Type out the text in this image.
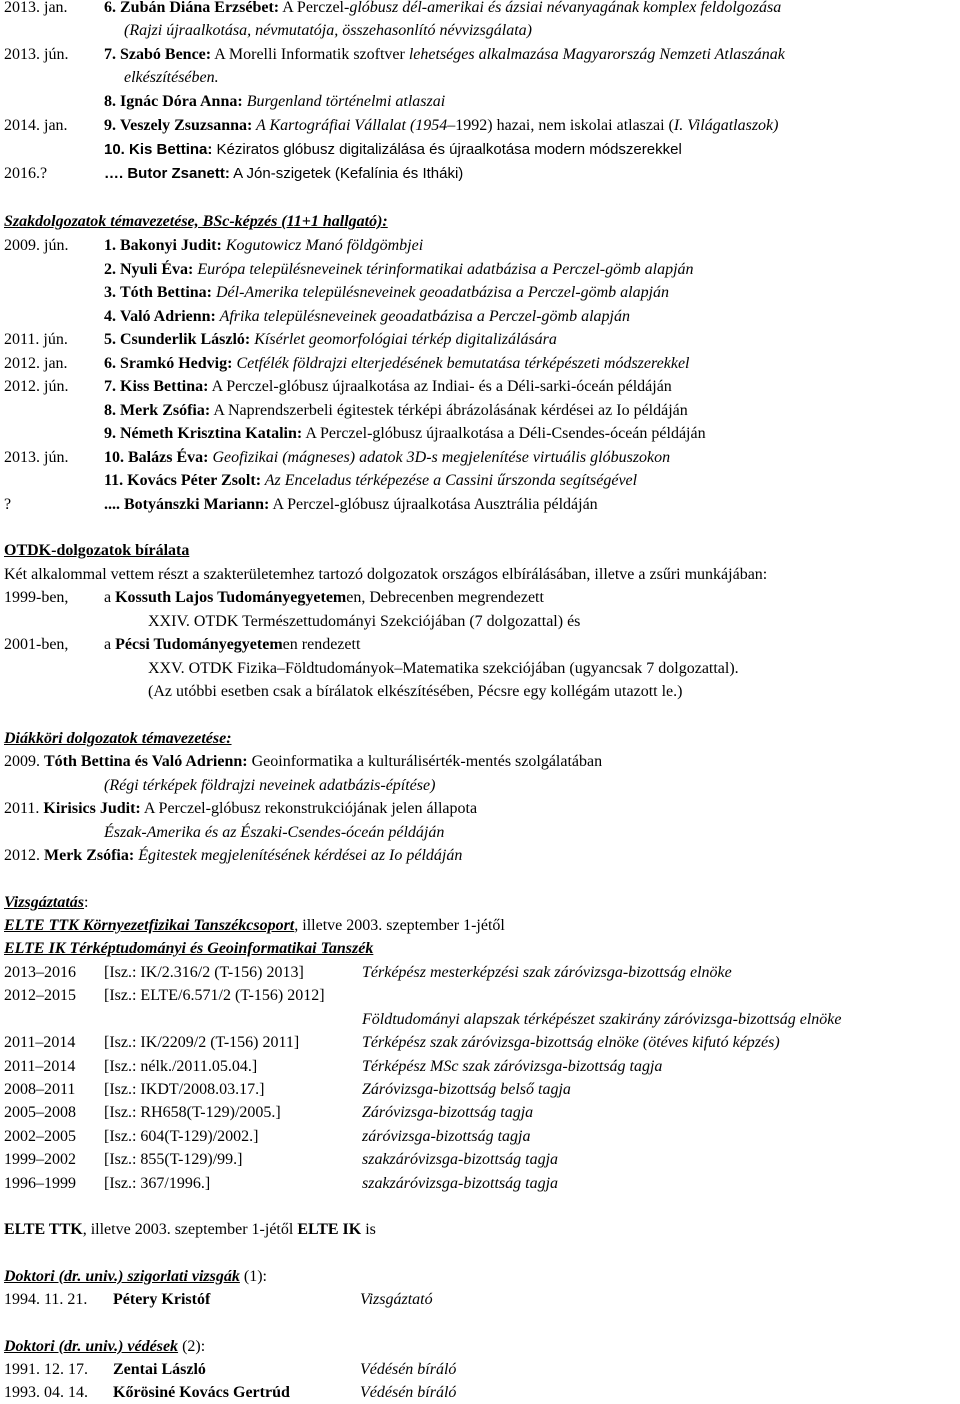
2013. jan. 6. Zubán Diána Erzsébet: A Perczel-glóbusz dél-amerikai és ázsiai névanyagának komplex feldolgozása
(Rajzi újraalkotása, névmutatója, összehasonlító névvizsgálata)
2013. jún. 7. Szabó Bence: A Morelli Informatik szoftver lehetséges alkalmazása Magyarország Nemzeti Atlaszának
elkészítésében.
8. Ignác Dóra Anna: Burgenland történelmi atlaszai
2014. jan. 9. Veszely Zsuzsanna: A Kartográfiai Vállalat (1954–1992) hazai, nem iskolai atlaszai (I. Világatlaszok)
10. Kis Bettina: Kéziratos glóbusz digitalizálása és újraalkotása modern módszerekkel
2016.?	…. Butor Zsanett: A Jón-szigetek (Kefalínia és Itháki)
Szakdolgozatok témavezetése, BSc-képzés (11+1 hallgató):
2009. jún. 1. Bakonyi Judit: Kogutowicz Manó földgömbjei
2. Nyuli Éva: Európa településneveinek térinformatikai adatbázisa a Perczel-gömb alapján
3. Tóth Bettina: Dél-Amerika településneveinek geoadatbázisa a Perczel-gömb alapján
4. Való Adrienn: Afrika településneveinek geoadatbázisa a Perczel-gömb alapján
2011. jún. 5. Csunderlik László: Kísérlet geomorfológiai térkép digitalizálására
2012. jan. 6. Sramkó Hedvig: Cetfélék földrajzi elterjedésének bemutatása térképészeti módszerekkel
2012. jún. 7. Kiss Bettina: A Perczel-glóbusz újraalkotása az Indiai- és a Déli-sarki-óceán példáján
8. Merk Zsófia: A Naprendszerbeli égitestek térképi ábrázolásának kérdései az Io példáján
9. Németh Krisztina Katalin: A Perczel-glóbusz újraalkotása a Déli-Csendes-óceán példáján
2013. jún. 10. Balázs Éva: Geofizikai (mágneses) adatok 3D-s megjelenítése virtuális glóbuszokon
11. Kovács Péter Zsolt: Az Enceladus térképezése a Cassini űrszonda segítségével
?	.... Botyánszki Mariann: A Perczel-glóbusz újraalkotása Ausztrália példáján
OTDK-dolgozatok bírálata
Két alkalommal vettem részt a szakterületemhez tartozó dolgozatok országos elbírálásában, illetve a zsűri munkájában:
1999-ben, a Kossuth Lajos Tudományegyetemen, Debrecenben megrendezett
XXIV. OTDK Természettudományi Szekciójában (7 dolgozattal) és
2001-ben, a Pécsi Tudományegyetemen rendezett
XXV. OTDK Fizika–Földtudományok–Matematika szekciójában (ugyancsak 7 dolgozattal).
(Az utóbbi esetben csak a bírálatok elkészítésében, Pécsre egy kollégám utazott le.)
Diákköri dolgozatok témavezetése:
2009. Tóth Bettina és Való Adrienn: Geoinformatika a kulturálisérték-mentés szolgálatában
(Régi térképek földrajzi neveinek adatbázis-építése)
2011. Kirisics Judit: A Perczel-glóbusz rekonstrukciójának jelen állapota
Észak-Amerika és az Északi-Csendes-óceán példáján
2012. Merk Zsófia: Égitestek megjelenítésének kérdései az Io példáján
Vizsgáztatás:
ELTE TTK Környezetfizikai Tanszékcsoport, illetve 2003. szeptember 1-jétől
ELTE IK Térképtudományi és Geoinformatikai Tanszék
2013–2016 [Isz.: IK/2.316/2 (T-156) 2013]	Térképész mesterképzési szak záróvizsga-bizottság elnöke
2012–2015 [Isz.: ELTE/6.571/2 (T-156) 2012]
Földtudományi alapszak térképészet szakirány záróvizsga-bizottság elnöke
2011–2014 [Isz.: IK/2209/2 (T-156) 2011]	Térképész szak záróvizsga-bizottság elnöke (ötéves kifutó képzés)
2011–2014 [Isz.: nélk./2011.05.04.]	Térképész MSc szak záróvizsga-bizottság tagja
2008–2011 [Isz.: IKDT/2008.03.17.]	Záróvizsga-bizottság belső tagja
2005–2008 [Isz.: RH658(T-129)/2005.]	Záróvizsga-bizottság tagja
2002–2005 [Isz.: 604(T-129)/2002.]	záróvizsga-bizottság tagja
1999–2002 [Isz.: 855(T-129)/99.]	szakzáróvizsga-bizottság tagja
1996–1999 [Isz.: 367/1996.]	szakzáróvizsga-bizottság tagja
ELTE TTK, illetve 2003. szeptember 1-jétől ELTE IK is
Doktori (dr. univ.) szigorlati vizsgák (1):
1994. 11. 21. Pétery Kristóf	Vizsgáztató
Doktori (dr. univ.) védések (2):
1991. 12. 17. Zentai László	Védésén bíráló
1993. 04. 14. Kőrösiné Kovács Gertrúd	Védésén bíráló
